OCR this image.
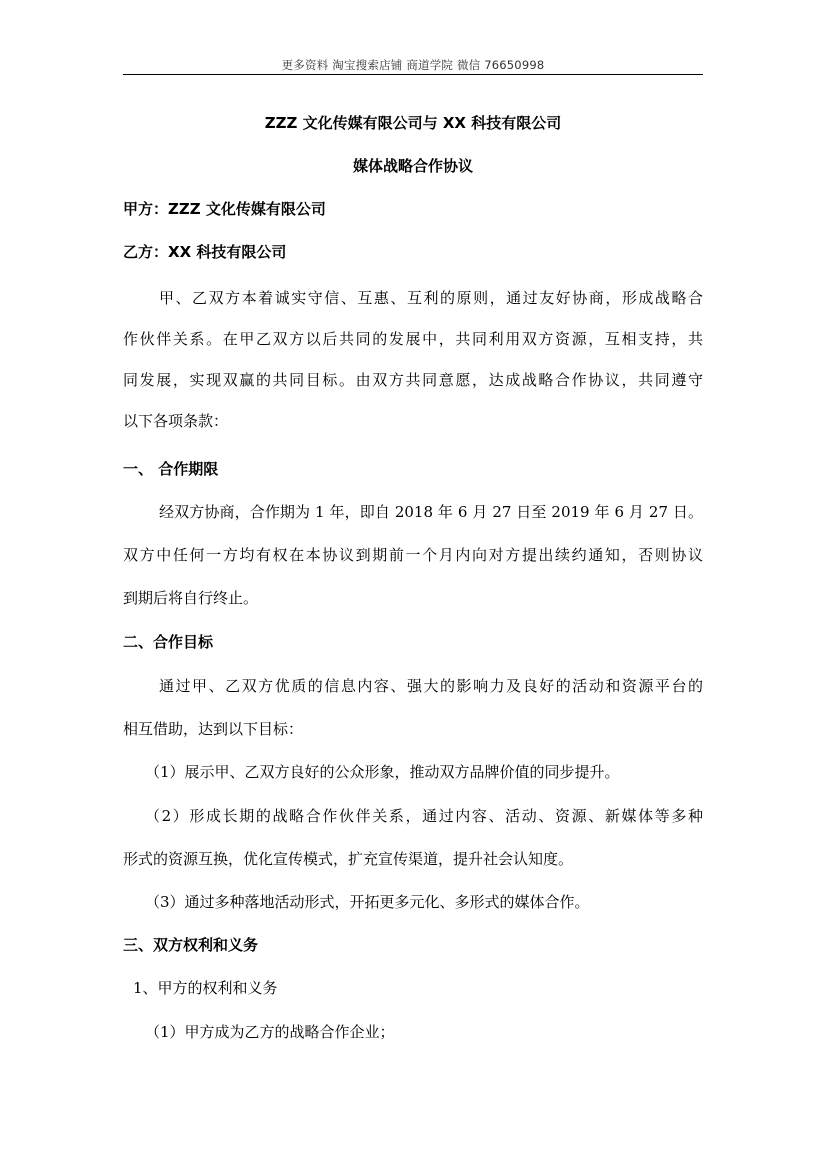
更多资料 淘宝搜索店铺 商道学院 微信 76650998
ZZZ 文化传媒有限公司与 XX 科技有限公司
媒体战略合作协议
甲方：ZZZ 文化传媒有限公司
乙方：XX 科技有限公司
甲、乙双方本着诚实守信、互惠、互利的原则，通过友好协商，形成战略合
作伙伴关系。在甲乙双方以后共同的发展中，共同利用双方资源，互相支持，共
同发展，实现双赢的共同目标。由双方共同意愿，达成战略合作协议，共同遵守
以下各项条款：
一、 合作期限
经双方协商，合作期为 1 年，即自 2018 年 6 月 27 日至 2019 年 6 月 27 日。
双方中任何一方均有权在本协议到期前一个月内向对方提出续约通知，否则协议
到期后将自行终止。
二、合作目标
通过甲、乙双方优质的信息内容、强大的影响力及良好的活动和资源平台的
相互借助，达到以下目标：
（1）展示甲、乙双方良好的公众形象，推动双方品牌价值的同步提升。
（2）形成长期的战略合作伙伴关系，通过内容、活动、资源、新媒体等多种
形式的资源互换，优化宣传模式，扩充宣传渠道，提升社会认知度。
（3）通过多种落地活动形式，开拓更多元化、多形式的媒体合作。
三、双方权利和义务
1、甲方的权利和义务
（1）甲方成为乙方的战略合作企业；
